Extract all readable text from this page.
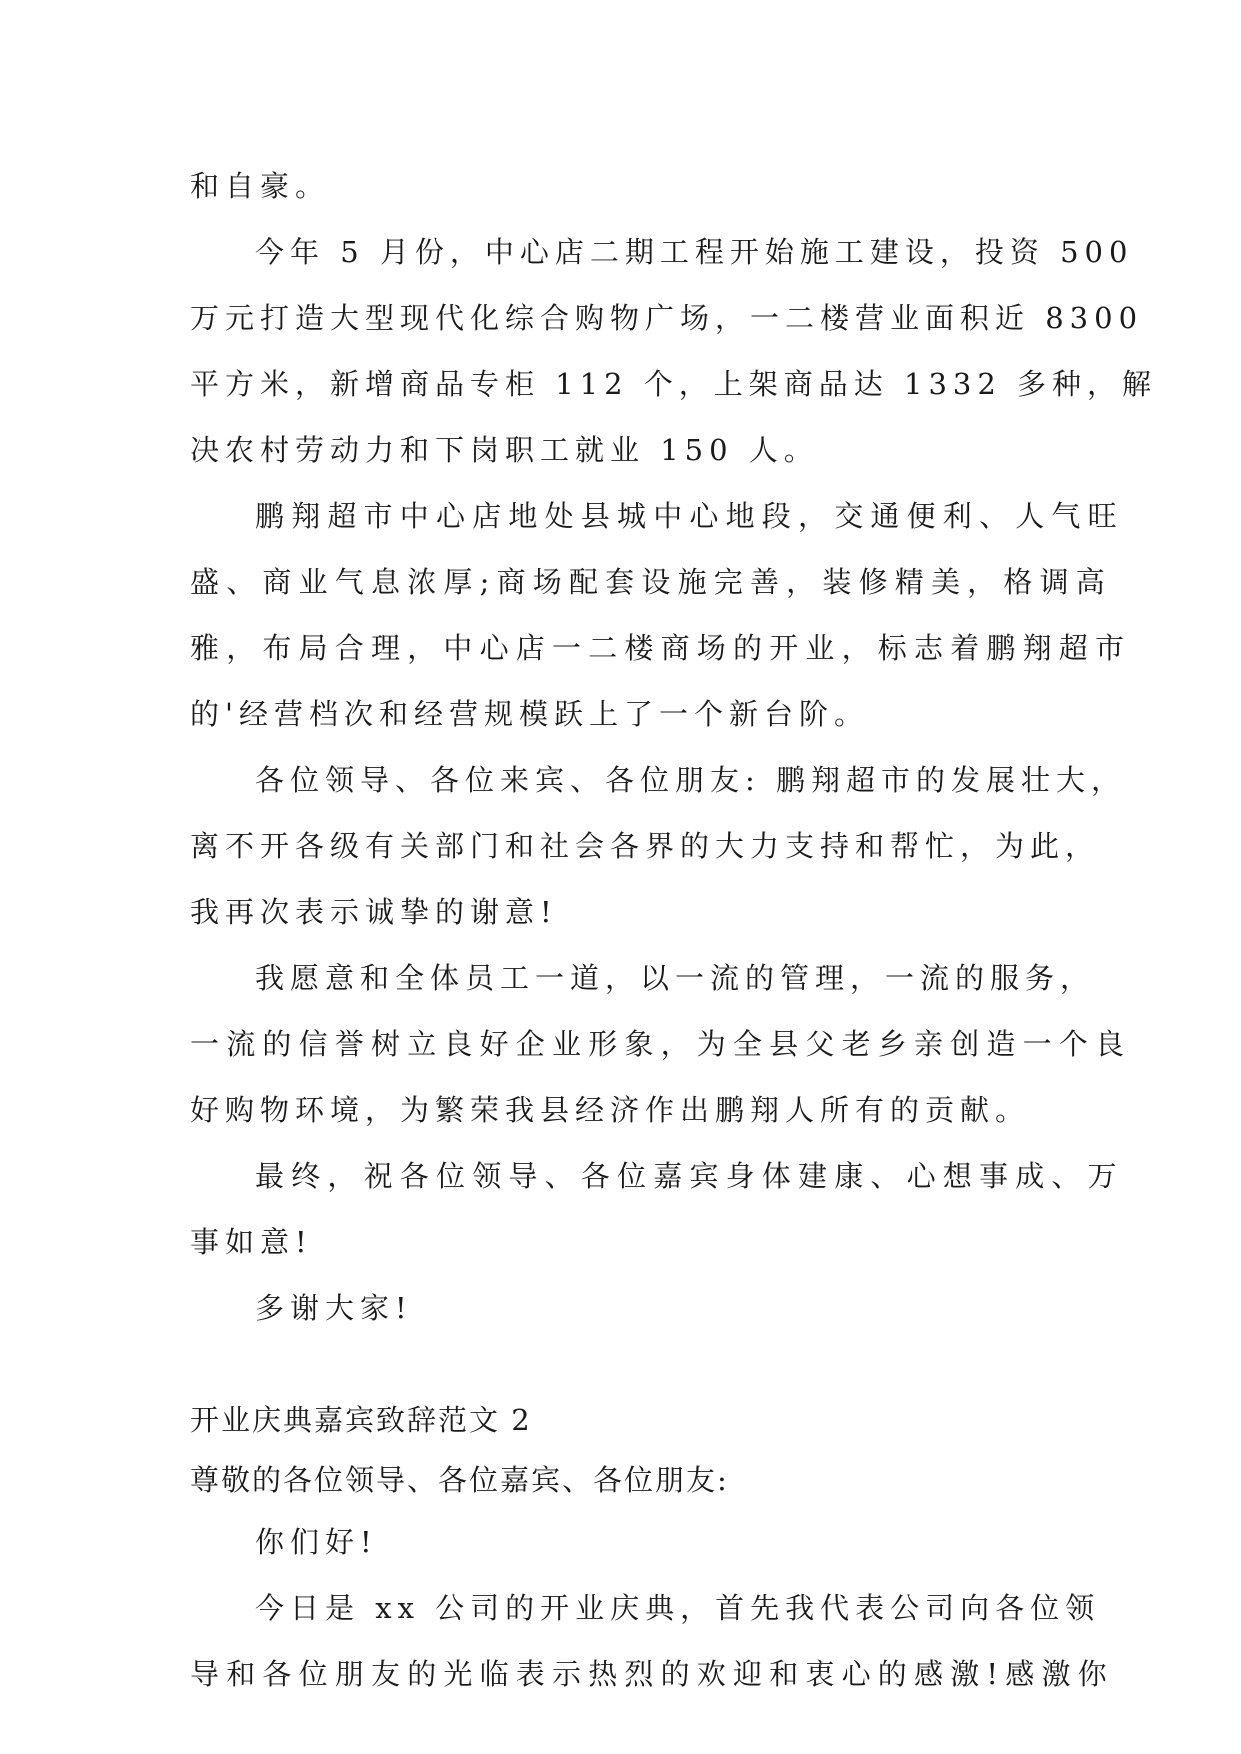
和自豪。
今年 5 月份，中心店二期工程开始施工建设，投资 500
万元打造大型现代化综合购物广场，一二楼营业面积近 8300
平方米，新增商品专柜 112 个，上架商品达 1332 多种，解
决农村劳动力和下岗职工就业 150 人。
鹏翔超市中心店地处县城中心地段，交通便利、人气旺
盛、商业气息浓厚;商场配套设施完善，装修精美，格调高
雅，布局合理，中心店一二楼商场的开业，标志着鹏翔超市
的'经营档次和经营规模跃上了一个新台阶。
各位领导、各位来宾、各位朋友: 鹏翔超市的发展壮大，
离不开各级有关部门和社会各界的大力支持和帮忙，为此，
我再次表示诚挚的谢意!
我愿意和全体员工一道，以一流的管理，一流的服务，
一流的信誉树立良好企业形象，为全县父老乡亲创造一个良
好购物环境，为繁荣我县经济作出鹏翔人所有的贡献。
最终，祝各位领导、各位嘉宾身体建康、心想事成、万
事如意!
多谢大家!
开业庆典嘉宾致辞范文 2
尊敬的各位领导、各位嘉宾、各位朋友:
你们好!
今日是 xx 公司的开业庆典，首先我代表公司向各位领
导和各位朋友的光临表示热烈的欢迎和衷心的感激!感激你
